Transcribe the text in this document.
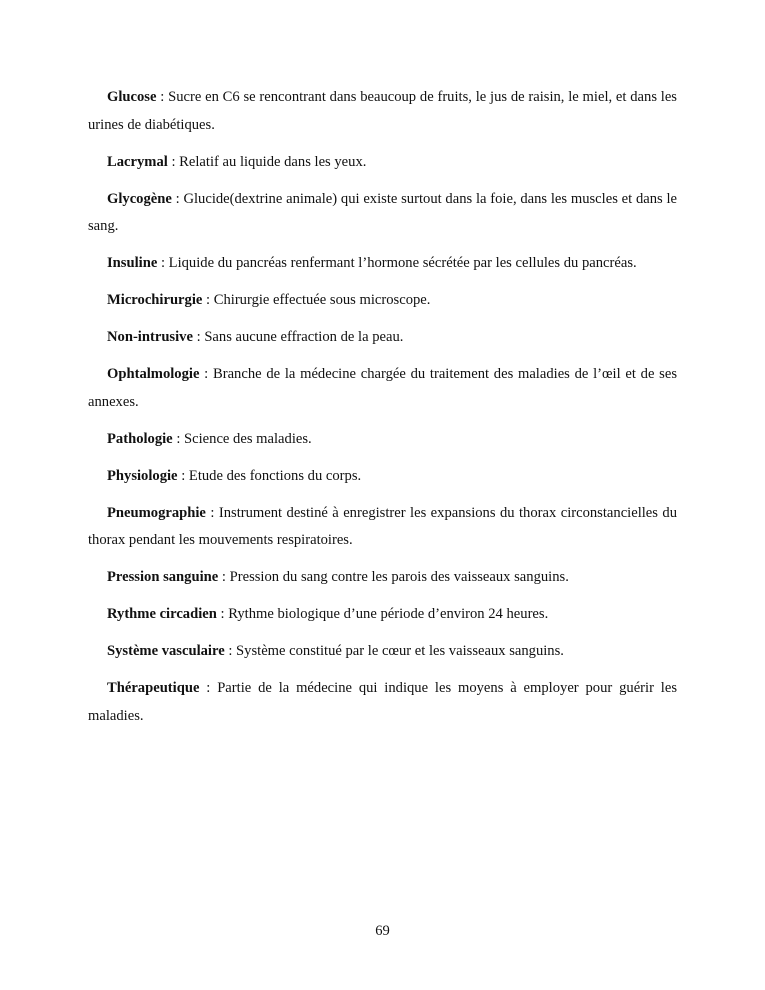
Glucose : Sucre en C6 se rencontrant dans beaucoup de fruits, le jus de raisin, le miel, et dans les urines de diabétiques.

Lacrymal : Relatif au liquide dans les yeux.

Glycogène : Glucide(dextrine animale) qui existe surtout dans la foie, dans les muscles et dans le sang.

Insuline : Liquide du pancréas renfermant l’hormone sécrétée par les cellules du pancréas.

Microchirurgie : Chirurgie effectuée sous microscope.

Non-intrusive : Sans aucune effraction de la peau.

Ophtalmologie : Branche de la médecine chargée du traitement des maladies de l’œil et de ses annexes.

Pathologie : Science des maladies.

Physiologie : Etude des fonctions du corps.

Pneumographie : Instrument destiné à enregistrer les expansions du thorax circonstancielles du thorax pendant les mouvements respiratoires.

Pression sanguine : Pression du sang contre les parois des vaisseaux sanguins.

Rythme circadien : Rythme biologique d’une période d’environ 24 heures.

Système vasculaire : Système constitué par le cœur et les vaisseaux sanguins.

Thérapeutique : Partie de la médecine qui indique les moyens à employer pour guérir les maladies.

69
